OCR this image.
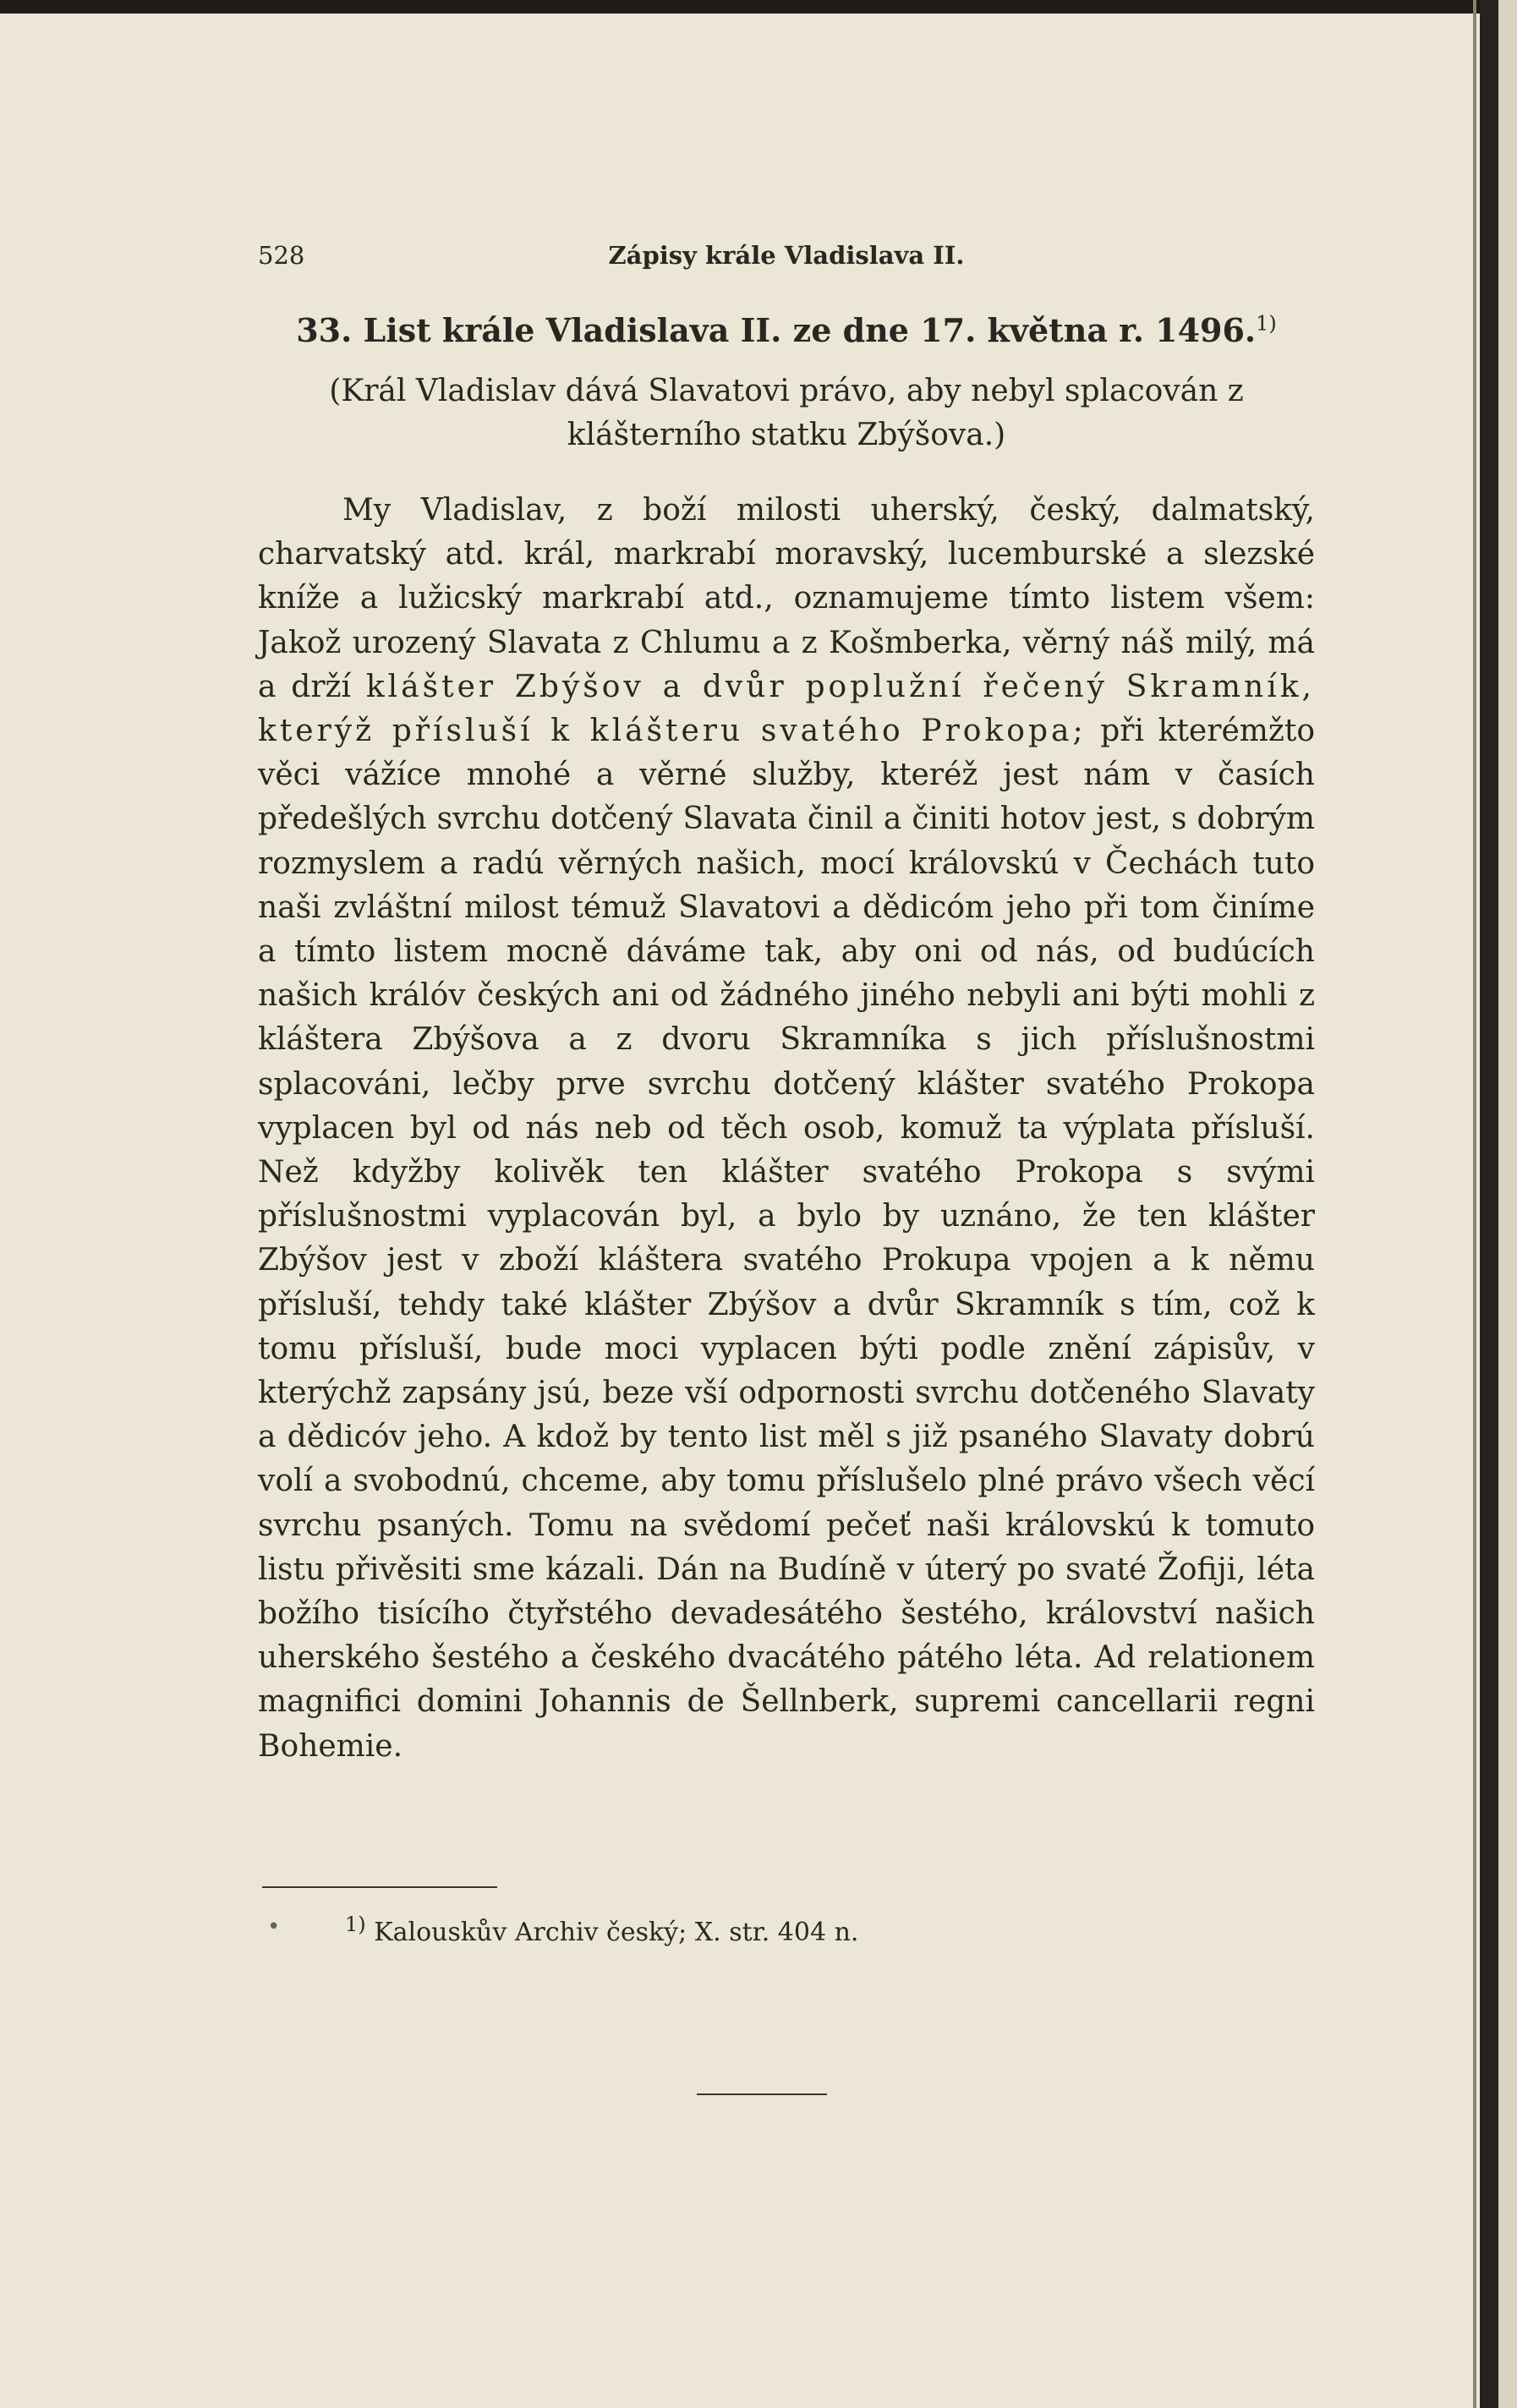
528	Zápisy krále Vladislava II.
33. List krále Vladislava II. ze dne 17. května r. 1496.$^{1)}$
(Král Vladislav dává Slavatovi právo, aby nebyl splacován z klášterního statku Zbýšova.)
My Vladislav, z boží milosti uherský, český, dalmatský, charvatský atd. král, markrabí moravský, lucemburské a slezské kníže a lužicský markrabí atd., oznamujeme tímto listem všem: Jakož urozený Slavata z Chlumu a z Košmberka, věrný náš milý, má a drží klášter Zbýšov a dvůr poplužní řečený Skramník, kterýž přísluší k klášteru svatého Prokopa; při kterémžto věci vážíce mnohé a věrné služby, kteréž jest nám v časích předešlých svrchu dotčený Slavata činil a činiti hotov jest, s dobrým rozmyslem a radú věrných našich, mocí královskú v Čechách tuto naši zvláštní milost témuž Slavatovi a dědicóm jeho při tom činíme a tímto listem mocně dáváme tak, aby oni od nás, od budúcích našich králóv českých ani od žádného jiného nebyli ani býti mohli z kláštera Zbýšova a z dvoru Skramníka s jich příslušnostmi splacováni, lečby prve svrchu dotčený klášter svatého Prokopa vyplacen byl od nás neb od těch osob, komuž ta výplata přísluší. Než kdyžby kolivěk ten klášter svatého Prokopa s svými příslušnostmi vyplacován byl, a bylo by uznáno, že ten klášter Zbýšov jest v zboží kláštera svatého Prokupa vpojen a k němu přísluší, tehdy také klášter Zbýšov a dvůr Skramník s tím, což k tomu přísluší, bude moci vyplacen býti podle znění zápisův, v kterýchž zapsány jsú, beze vší odpornosti svrchu dotčeného Slavaty a dědicóv jeho. A kdož by tento list měl s již psaného Slavaty dobrú volí a svobodnú, chceme, aby tomu příslušelo plné právo všech věcí svrchu psaných. Tomu na svědomí pečeť naši královskú k tomuto listu přivěsiti sme kázali. Dán na Budíně v úterý po svaté Žofiji, léta božího tisícího čtyřstého devadesátého šestého, království našich uherského šestého a českého dvacátého pátého léta. Ad relationem magnifici domini Johannis de Šellnberk, supremi cancellarii regni Bohemie.
•	$^{1)}$ Kalouskův Archiv český; X. str. 404 n.
